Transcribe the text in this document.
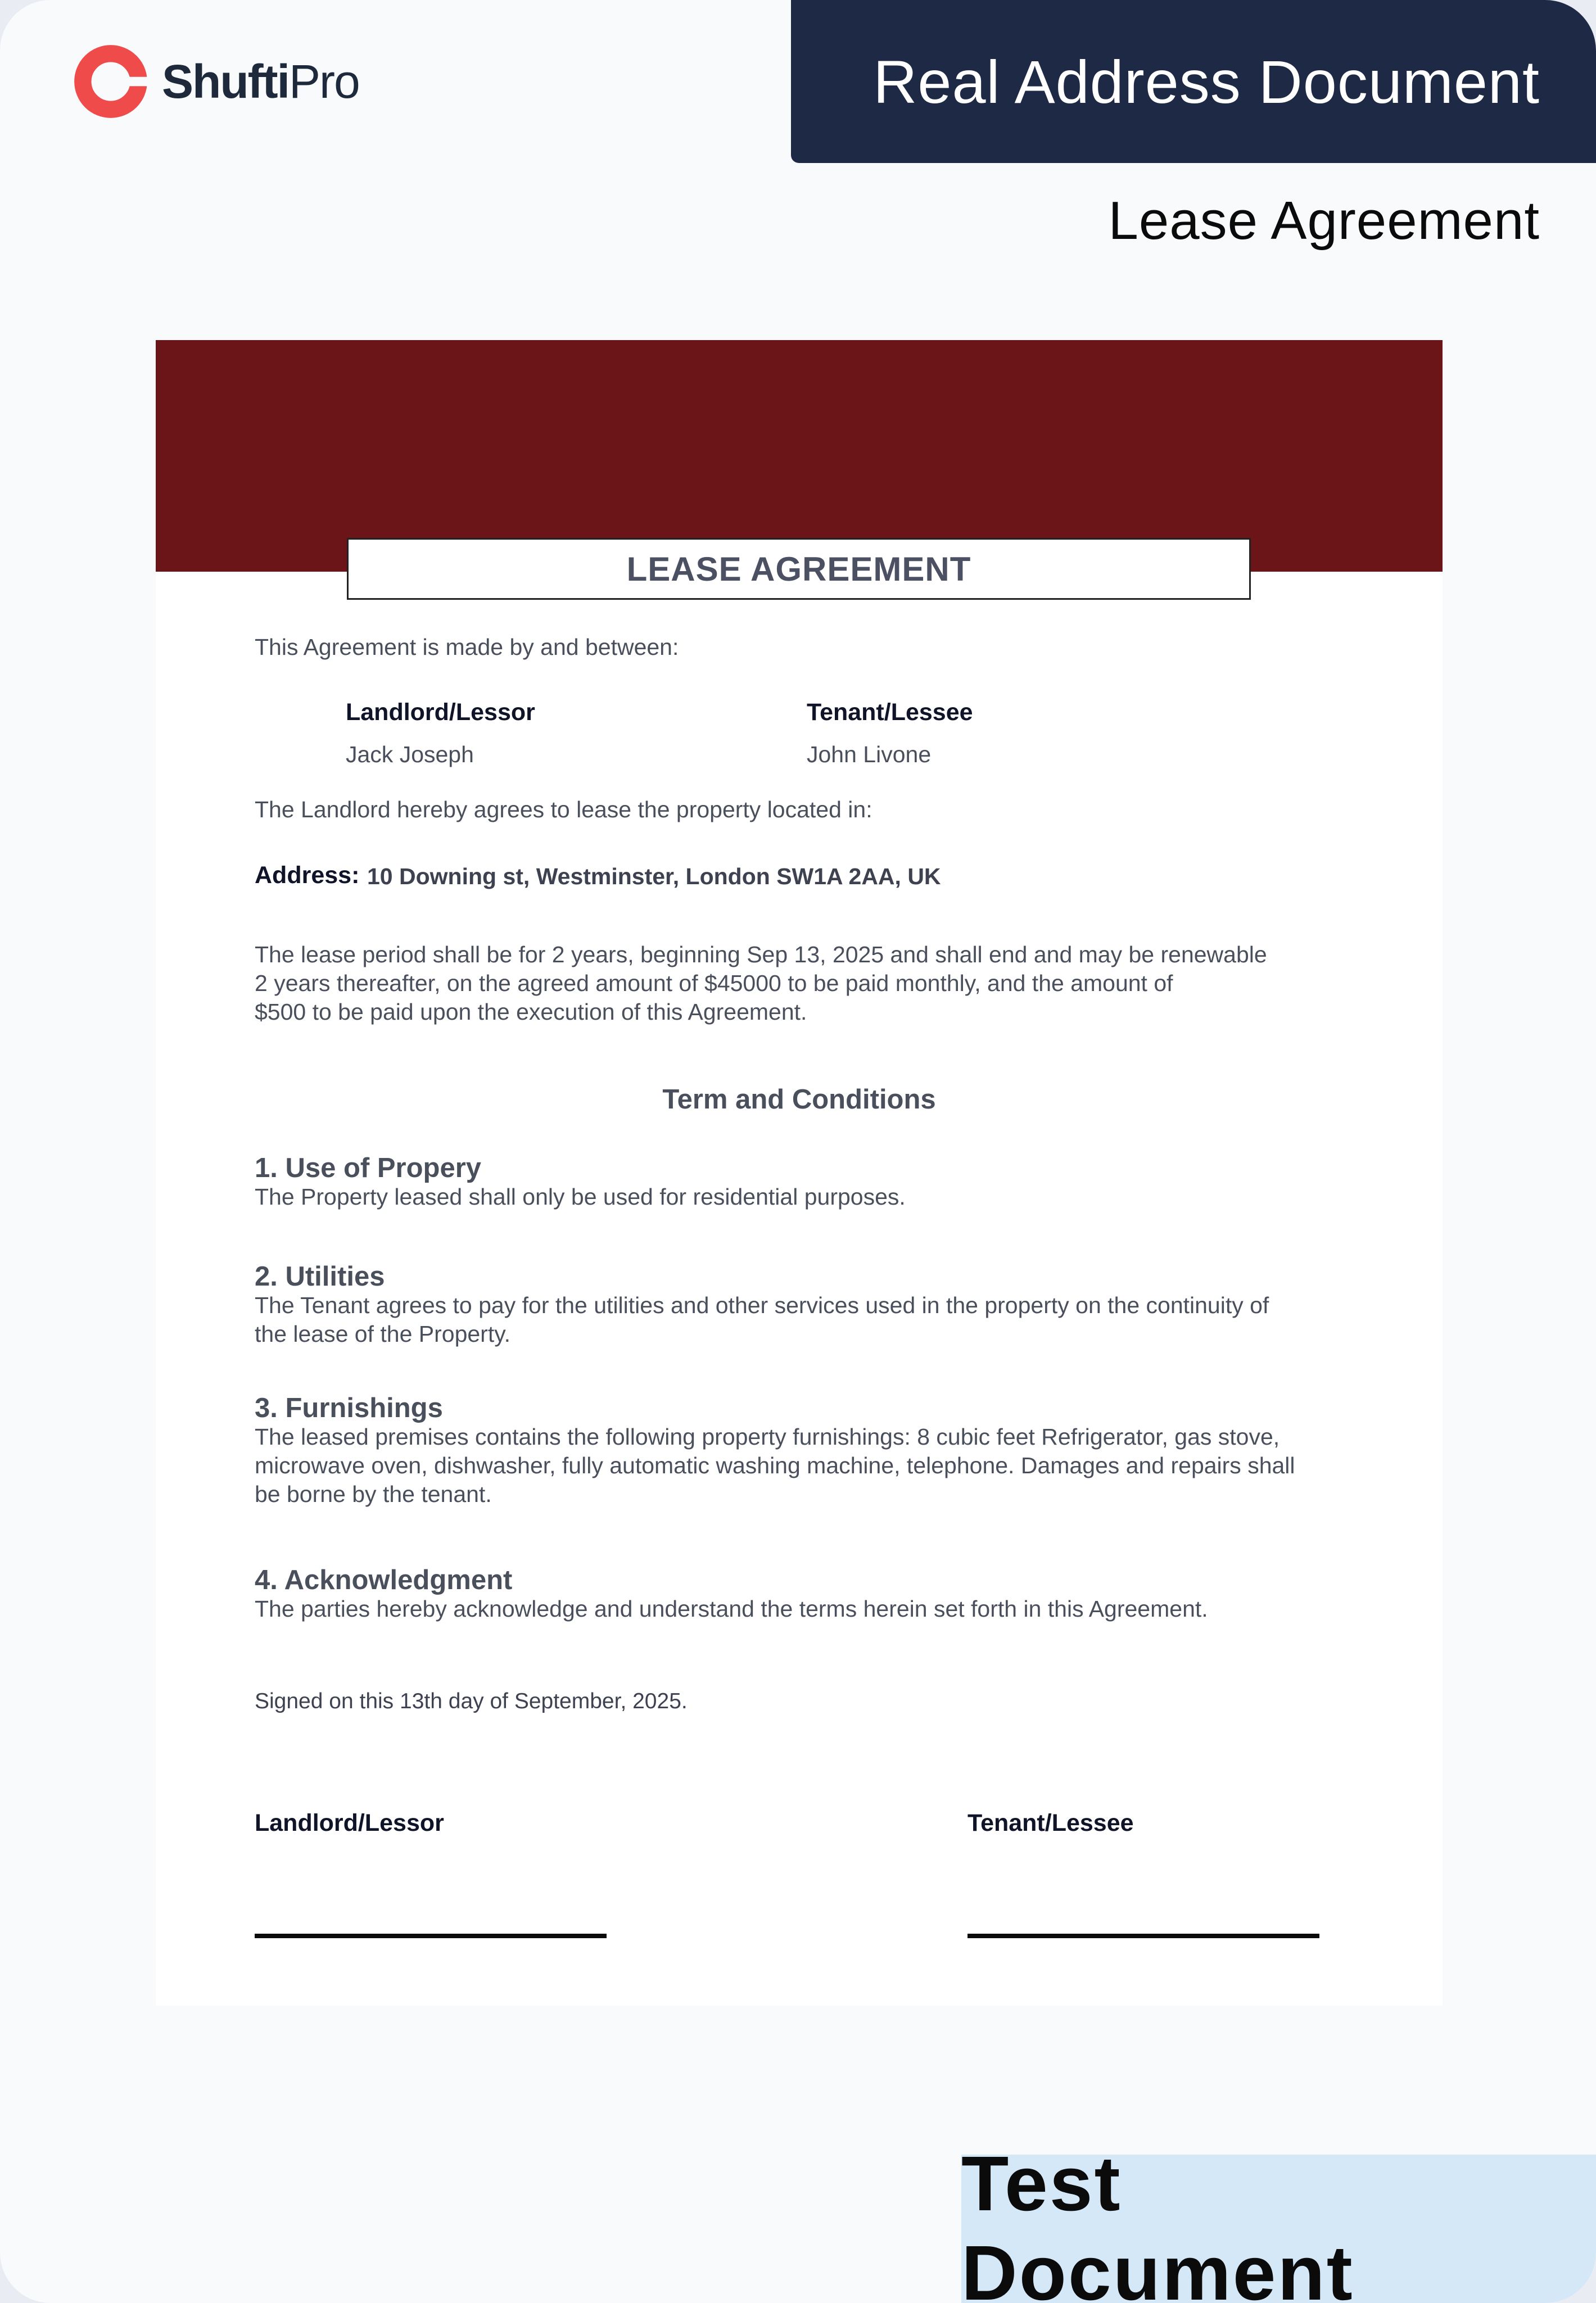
ShuftiPro	Real Address Document
Lease Agreement
LEASE AGREEMENT
This Agreement is made by and between:
Landlord/Lessor
Jack Joseph
Tenant/Lessee
John Livone
The Landlord hereby agrees to lease the property located in:
Address: 10 Downing st, Westminster, London SW1A 2AA, UK
The lease period shall be for 2 years, beginning Sep 13, 2025 and shall end and may be renewable
2 years thereafter, on the agreed amount of $45000 to be paid monthly, and the amount of
$500 to be paid upon the execution of this Agreement.
Term and Conditions
1. Use of Propery
The Property leased shall only be used for residential purposes.
2. Utilities
The Tenant agrees to pay for the utilities and other services used in the property on the continuity of
the lease of the Property.
3. Furnishings
The leased premises contains the following property furnishings: 8 cubic feet Refrigerator, gas stove,
microwave oven, dishwasher, fully automatic washing machine, telephone. Damages and repairs shall
be borne by the tenant.
4. Acknowledgment
The parties hereby acknowledge and understand the terms herein set forth in this Agreement.
Signed on this 13th day of September, 2025.
Landlord/Lessor	Tenant/Lessee
Test Document
